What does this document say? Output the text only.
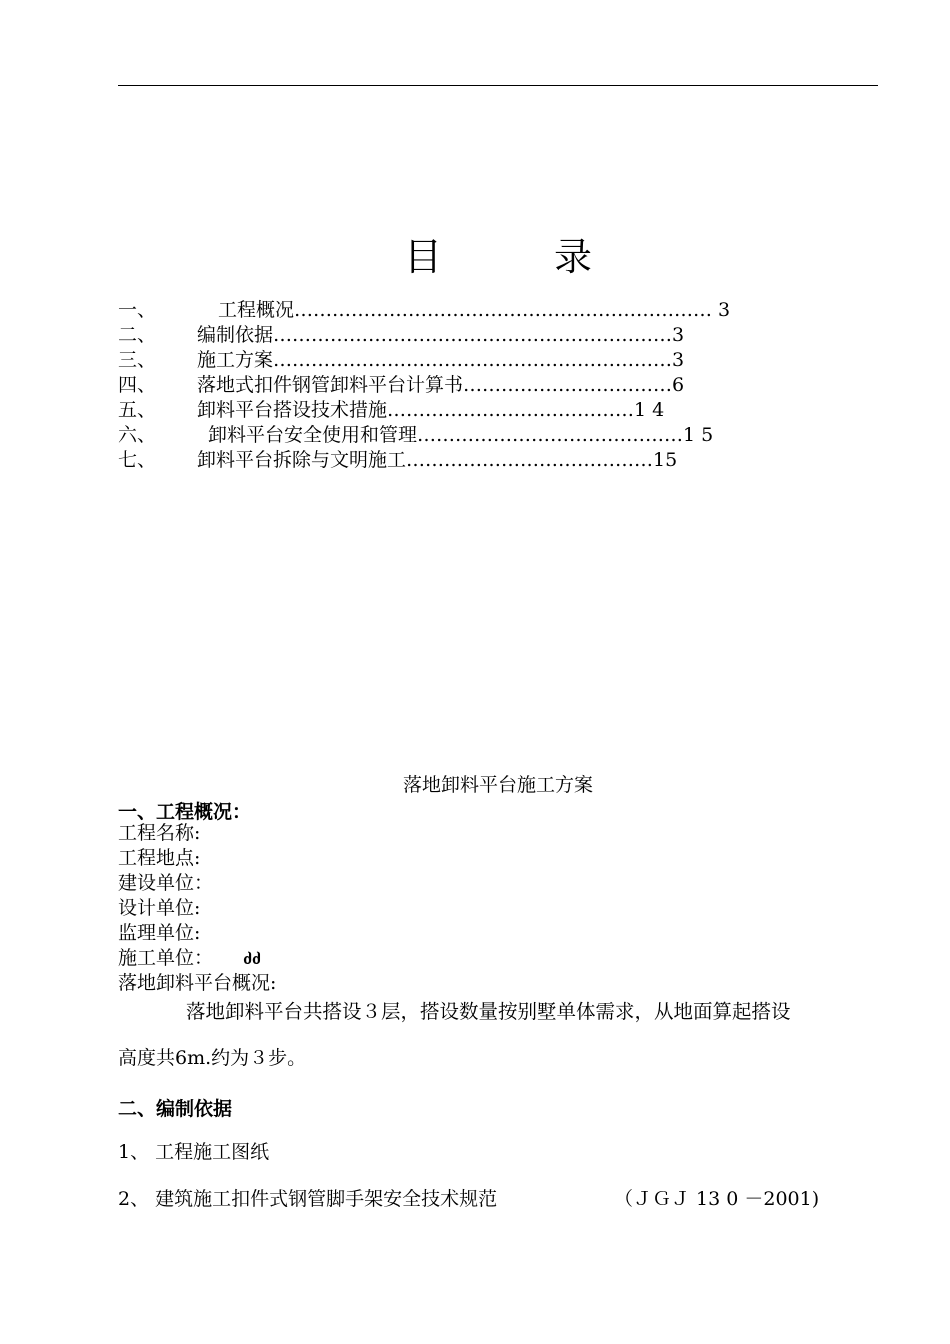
目	录
一、	工程概况………………………………………………………… 3
二、 编制依据………………………………………………………3
三、 施工方案………………………………………………………3
四、 落地式扣件钢管卸料平台计算书……………………………6
五、 卸料平台搭设技术措施…………………………………1 4
六、	卸料平台安全使用和管理……………………………………1 5
七、 卸料平台拆除与文明施工…………………………………15
落地卸料平台施工方案
一、工程概况：
工程名称:
工程地点:
建设单位：
设计单位:
监理单位:
施工单位： ძძ
落地卸料平台概况:
落地卸料平台共搭设３层，搭设数量按别墅单体需求，从地面算起搭设
高度共6m.约为３步。
二、编制依据
1、 工程施工图纸
2、 建筑施工扣件式钢管脚手架安全技术规范	（ＪＧＪ 13 0 －2001)
